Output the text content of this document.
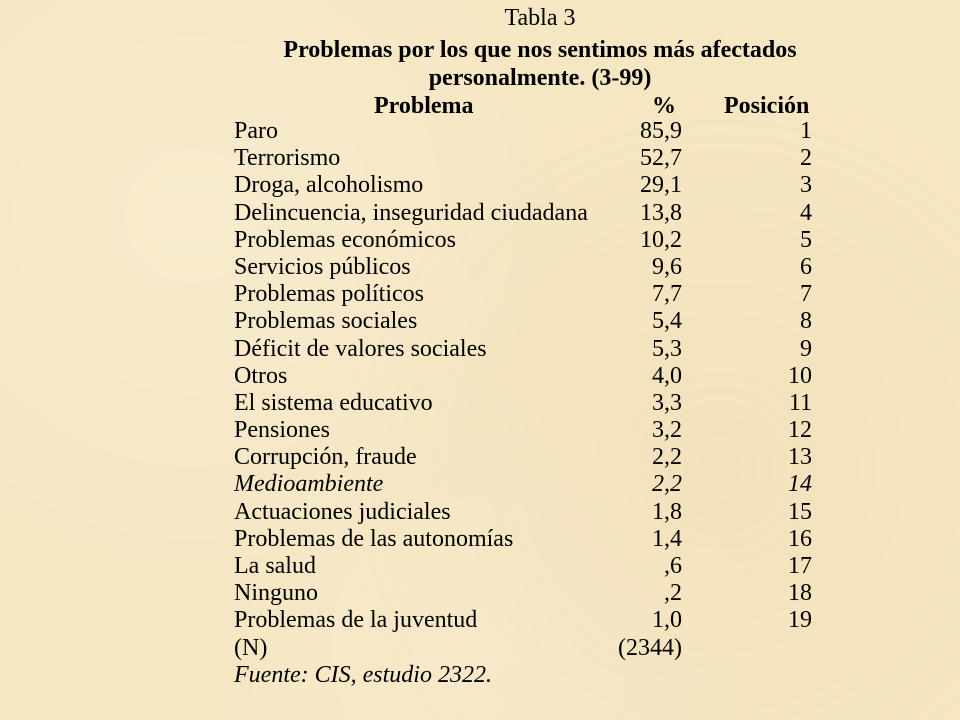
Tabla 3
Problemas por los que nos sentimos más afectados
personalmente. (3-99)
Problema	% Posición
Paro	85,9	1
Terrorismo	52,7	2
Droga, alcoholismo	29,1	3
Delincuencia, inseguridad ciudadana 13,8	4
Problemas económicos	10,2	5
Servicios públicos	9,6	6
Problemas políticos	7,7	7
Problemas sociales	5,4	8
Déficit de valores sociales	5,3	9
Otros	4,0	10
El sistema educativo	3,3	11
Pensiones	3,2	12
Corrupción, fraude	2,2	13
Medioambiente	2,2	14
Actuaciones judiciales	1,8	15
Problemas de las autonomías	1,4	16
La salud	,6	17
Ninguno	,2	18
Problemas de la juventud	1,0	19
(N)	(2344)
Fuente: CIS, estudio 2322.
